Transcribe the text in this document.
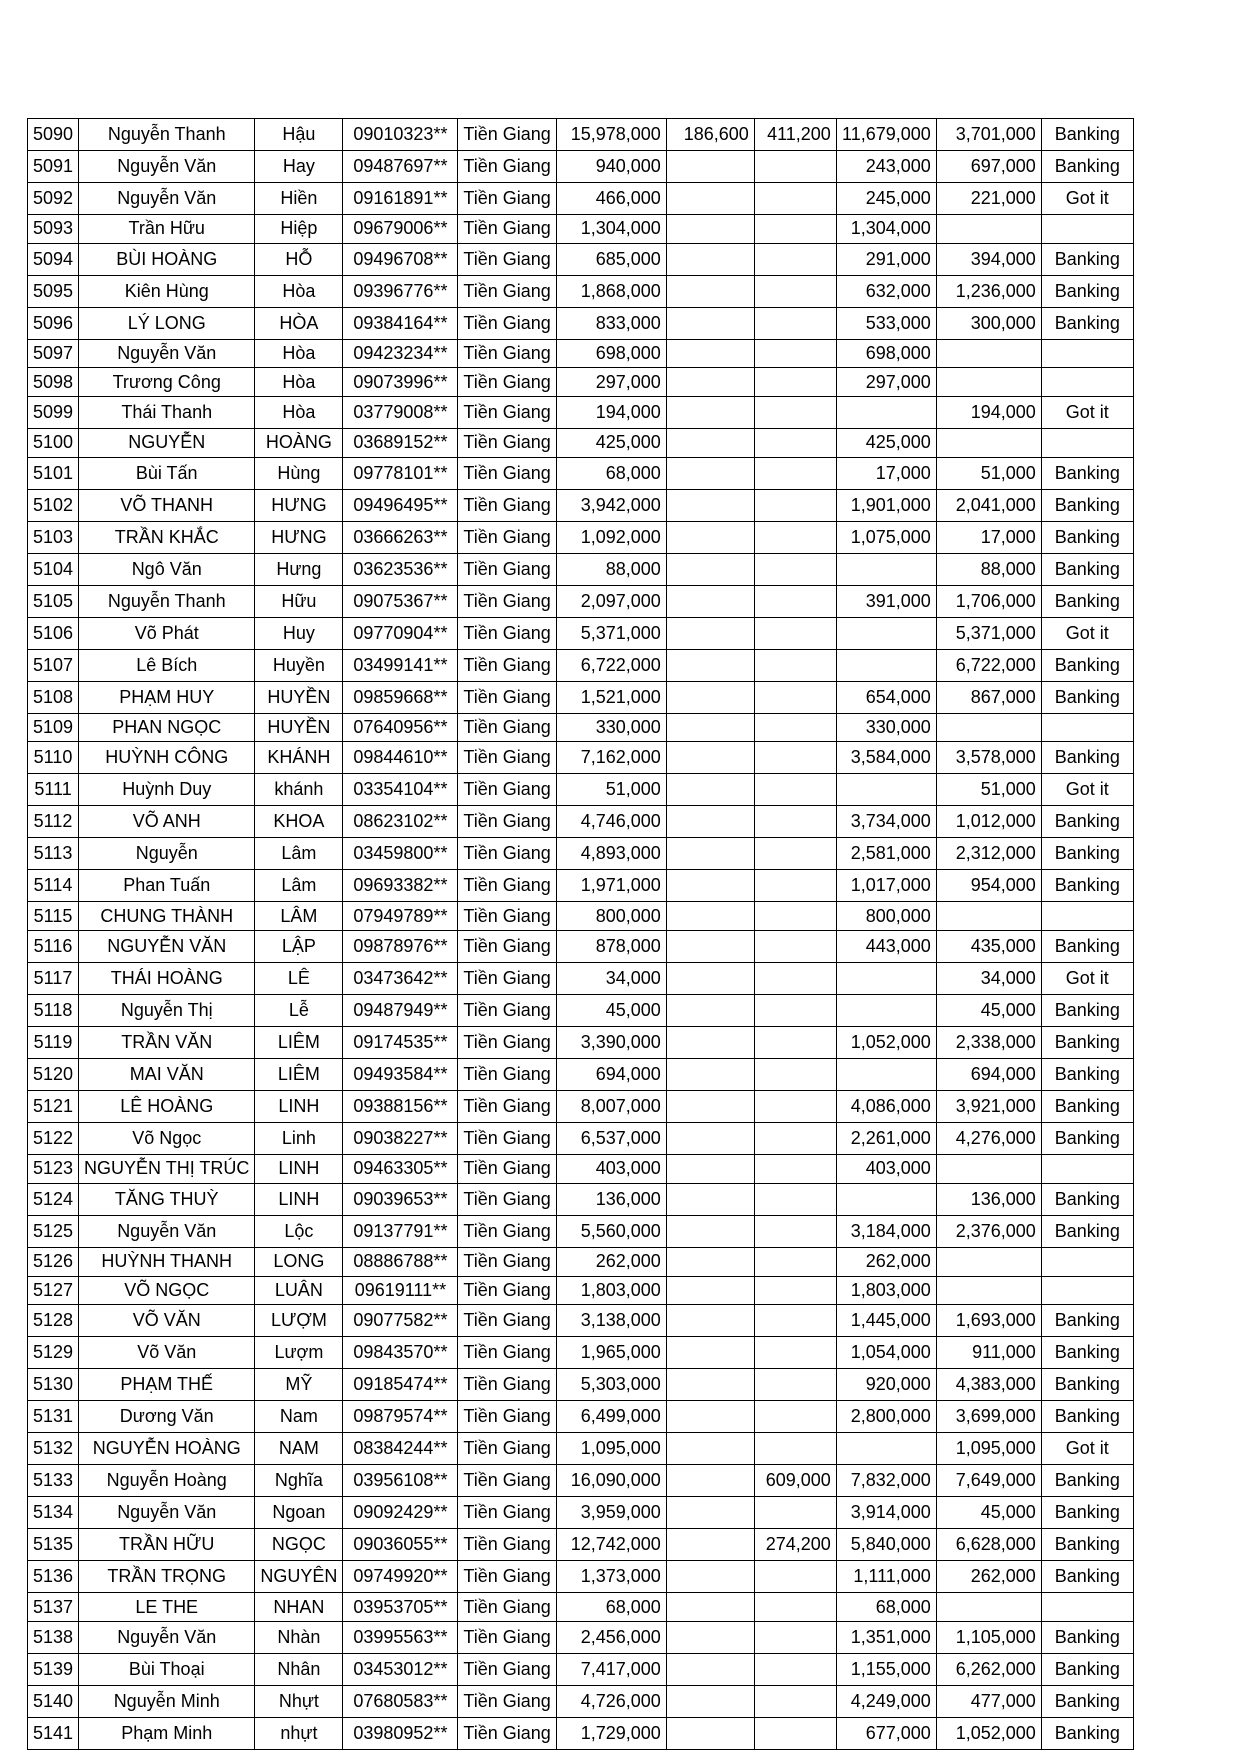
5090	Nguyễn Thanh	Hậu	09010323**	Tiền Giang	15,978,000	186,600	411,200	11,679,000	3,701,000	Banking
5091	Nguyễn Văn	Hay	09487697**	Tiền Giang	940,000			243,000	697,000	Banking
5092	Nguyễn Văn	Hiền	09161891**	Tiền Giang	466,000			245,000	221,000	Got it
5093	Trần Hữu	Hiệp	09679006**	Tiền Giang	1,304,000			1,304,000		
5094	BÙI HOÀNG	HỖ	09496708**	Tiền Giang	685,000			291,000	394,000	Banking
5095	Kiên Hùng	Hòa	09396776**	Tiền Giang	1,868,000			632,000	1,236,000	Banking
5096	LÝ LONG	HÒA	09384164**	Tiền Giang	833,000			533,000	300,000	Banking
5097	Nguyễn Văn	Hòa	09423234**	Tiền Giang	698,000			698,000		
5098	Trương Công	Hòa	09073996**	Tiền Giang	297,000			297,000		
5099	Thái Thanh	Hòa	03779008**	Tiền Giang	194,000				194,000	Got it
5100	NGUYỄN	HOÀNG	03689152**	Tiền Giang	425,000			425,000		
5101	Bùi Tấn	Hùng	09778101**	Tiền Giang	68,000			17,000	51,000	Banking
5102	VÕ THANH	HƯNG	09496495**	Tiền Giang	3,942,000			1,901,000	2,041,000	Banking
5103	TRẦN KHẮC	HƯNG	03666263**	Tiền Giang	1,092,000			1,075,000	17,000	Banking
5104	Ngô Văn	Hưng	03623536**	Tiền Giang	88,000				88,000	Banking
5105	Nguyễn Thanh	Hữu	09075367**	Tiền Giang	2,097,000			391,000	1,706,000	Banking
5106	Võ Phát	Huy	09770904**	Tiền Giang	5,371,000				5,371,000	Got it
5107	Lê Bích	Huyền	03499141**	Tiền Giang	6,722,000				6,722,000	Banking
5108	PHẠM HUY	HUYỀN	09859668**	Tiền Giang	1,521,000			654,000	867,000	Banking
5109	PHAN NGỌC	HUYỀN	07640956**	Tiền Giang	330,000			330,000		
5110	HUỲNH CÔNG	KHÁNH	09844610**	Tiền Giang	7,162,000			3,584,000	3,578,000	Banking
5111	Huỳnh Duy	khánh	03354104**	Tiền Giang	51,000				51,000	Got it
5112	VÕ ANH	KHOA	08623102**	Tiền Giang	4,746,000			3,734,000	1,012,000	Banking
5113	Nguyễn	Lâm	03459800**	Tiền Giang	4,893,000			2,581,000	2,312,000	Banking
5114	Phan Tuấn	Lâm	09693382**	Tiền Giang	1,971,000			1,017,000	954,000	Banking
5115	CHUNG THÀNH	LÂM	07949789**	Tiền Giang	800,000			800,000		
5116	NGUYỄN VĂN	LẬP	09878976**	Tiền Giang	878,000			443,000	435,000	Banking
5117	THÁI HOÀNG	LÊ	03473642**	Tiền Giang	34,000				34,000	Got it
5118	Nguyễn Thị	Lễ	09487949**	Tiền Giang	45,000				45,000	Banking
5119	TRẦN VĂN	LIÊM	09174535**	Tiền Giang	3,390,000			1,052,000	2,338,000	Banking
5120	MAI VĂN	LIÊM	09493584**	Tiền Giang	694,000				694,000	Banking
5121	LÊ HOÀNG	LINH	09388156**	Tiền Giang	8,007,000			4,086,000	3,921,000	Banking
5122	Võ Ngọc	Linh	09038227**	Tiền Giang	6,537,000			2,261,000	4,276,000	Banking
5123	NGUYỄN THỊ TRÚC	LINH	09463305**	Tiền Giang	403,000			403,000		
5124	TĂNG THUỲ	LINH	09039653**	Tiền Giang	136,000				136,000	Banking
5125	Nguyễn Văn	Lộc	09137791**	Tiền Giang	5,560,000			3,184,000	2,376,000	Banking
5126	HUỲNH THANH	LONG	08886788**	Tiền Giang	262,000			262,000		
5127	VÕ NGỌC	LUÂN	09619111**	Tiền Giang	1,803,000			1,803,000		
5128	VÕ VĂN	LƯỢM	09077582**	Tiền Giang	3,138,000			1,445,000	1,693,000	Banking
5129	Võ Văn	Lượm	09843570**	Tiền Giang	1,965,000			1,054,000	911,000	Banking
5130	PHẠM THẾ	MỸ	09185474**	Tiền Giang	5,303,000			920,000	4,383,000	Banking
5131	Dương Văn	Nam	09879574**	Tiền Giang	6,499,000			2,800,000	3,699,000	Banking
5132	NGUYỄN HOÀNG	NAM	08384244**	Tiền Giang	1,095,000				1,095,000	Got it
5133	Nguyễn Hoàng	Nghĩa	03956108**	Tiền Giang	16,090,000		609,000	7,832,000	7,649,000	Banking
5134	Nguyễn Văn	Ngoan	09092429**	Tiền Giang	3,959,000			3,914,000	45,000	Banking
5135	TRẦN HỮU	NGỌC	09036055**	Tiền Giang	12,742,000		274,200	5,840,000	6,628,000	Banking
5136	TRẦN TRỌNG	NGUYÊN	09749920**	Tiền Giang	1,373,000			1,111,000	262,000	Banking
5137	LE THE	NHAN	03953705**	Tiền Giang	68,000			68,000		
5138	Nguyễn Văn	Nhàn	03995563**	Tiền Giang	2,456,000			1,351,000	1,105,000	Banking
5139	Bùi Thoại	Nhân	03453012**	Tiền Giang	7,417,000			1,155,000	6,262,000	Banking
5140	Nguyễn Minh	Nhựt	07680583**	Tiền Giang	4,726,000			4,249,000	477,000	Banking
5141	Phạm Minh	nhựt	03980952**	Tiền Giang	1,729,000			677,000	1,052,000	Banking
